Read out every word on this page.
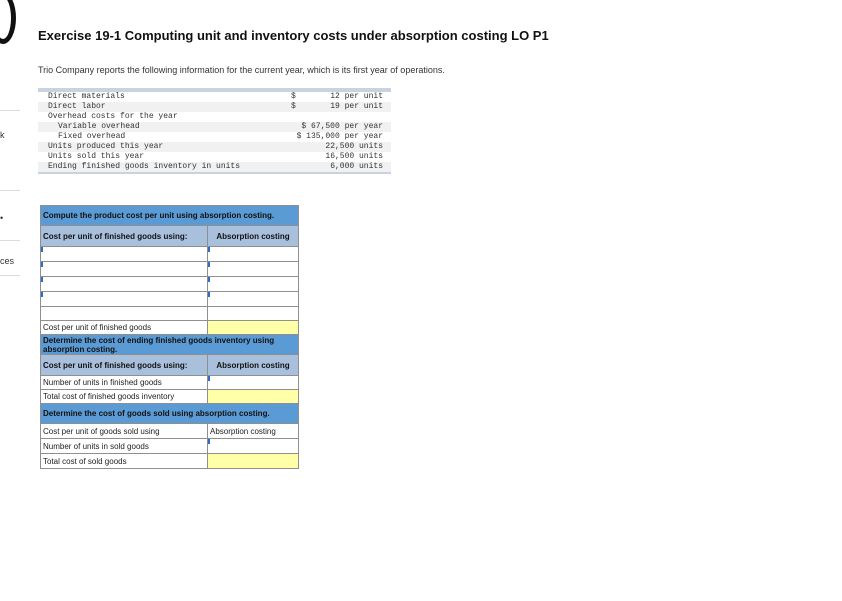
k
•
ces
Exercise 19-1 Computing unit and inventory costs under absorption costing LO P1
Trio Company reports the following information for the current year, which is its first year of operations.
Direct materials	$	12 per unit
Direct labor	$	19 per unit
Overhead costs for the year
Variable overhead	$ 67,500 per year
Fixed overhead	$ 135,000 per year
Units produced this year	22,500 units
Units sold this year	16,500 units
Ending finished goods inventory in units	6,000 units
Compute the product cost per unit using absorption costing.	
Cost per unit of finished goods using:	Absorption costing

Cost per unit of finished goods	
Determine the cost of ending finished goods inventory using absorption costing.	
Cost per unit of finished goods using:	Absorption costing
Number of units in finished goods	
Total cost of finished goods inventory	
Determine the cost of goods sold using absorption costing.	
Cost per unit of goods sold using	Absorption costing
Number of units in sold goods	
Total cost of sold goods	
